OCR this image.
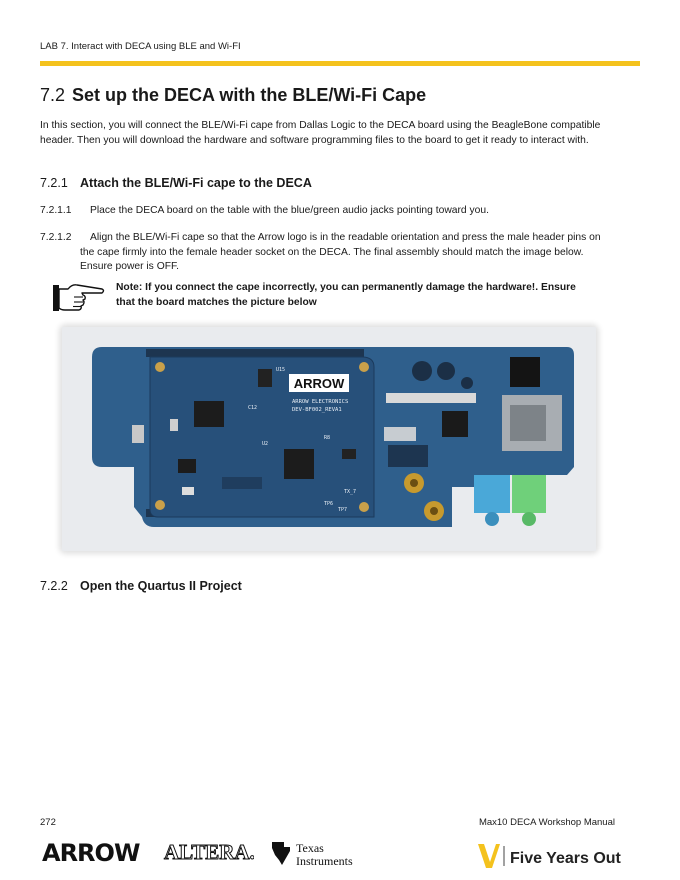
LAB 7. Interact with DECA using BLE and Wi-FI
7.2 Set up the DECA with the BLE/Wi-Fi Cape
In this section, you will connect the BLE/Wi-Fi cape from Dallas Logic to the DECA board using the BeagleBone compatible header. Then you will download the hardware and software programming files to the board to get it ready to interact with.
7.2.1 Attach the BLE/Wi-Fi cape to the DECA
7.2.1.1 Place the DECA board on the table with the blue/green audio jacks pointing toward you.
7.2.1.2	Align the BLE/Wi-Fi cape so that the Arrow logo is in the readable orientation and press the male header pins on the cape firmly into the female header socket on the DECA. The final assembly should match the image below. Ensure power is OFF.
Note: If you connect the cape incorrectly, you can permanently damage the hardware!. Ensure that the board matches the picture below
ARROW
ARROW ELECTRONICS
DEV-BF002_REVA1
U15
TP6
TP7
U2
R8
C12
TX_7
7.2.2 Open the Quartus II Project
272	Max10 DECA Workshop Manual
ARROW ALTERA.	Texas
Instruments	Five Years Out
